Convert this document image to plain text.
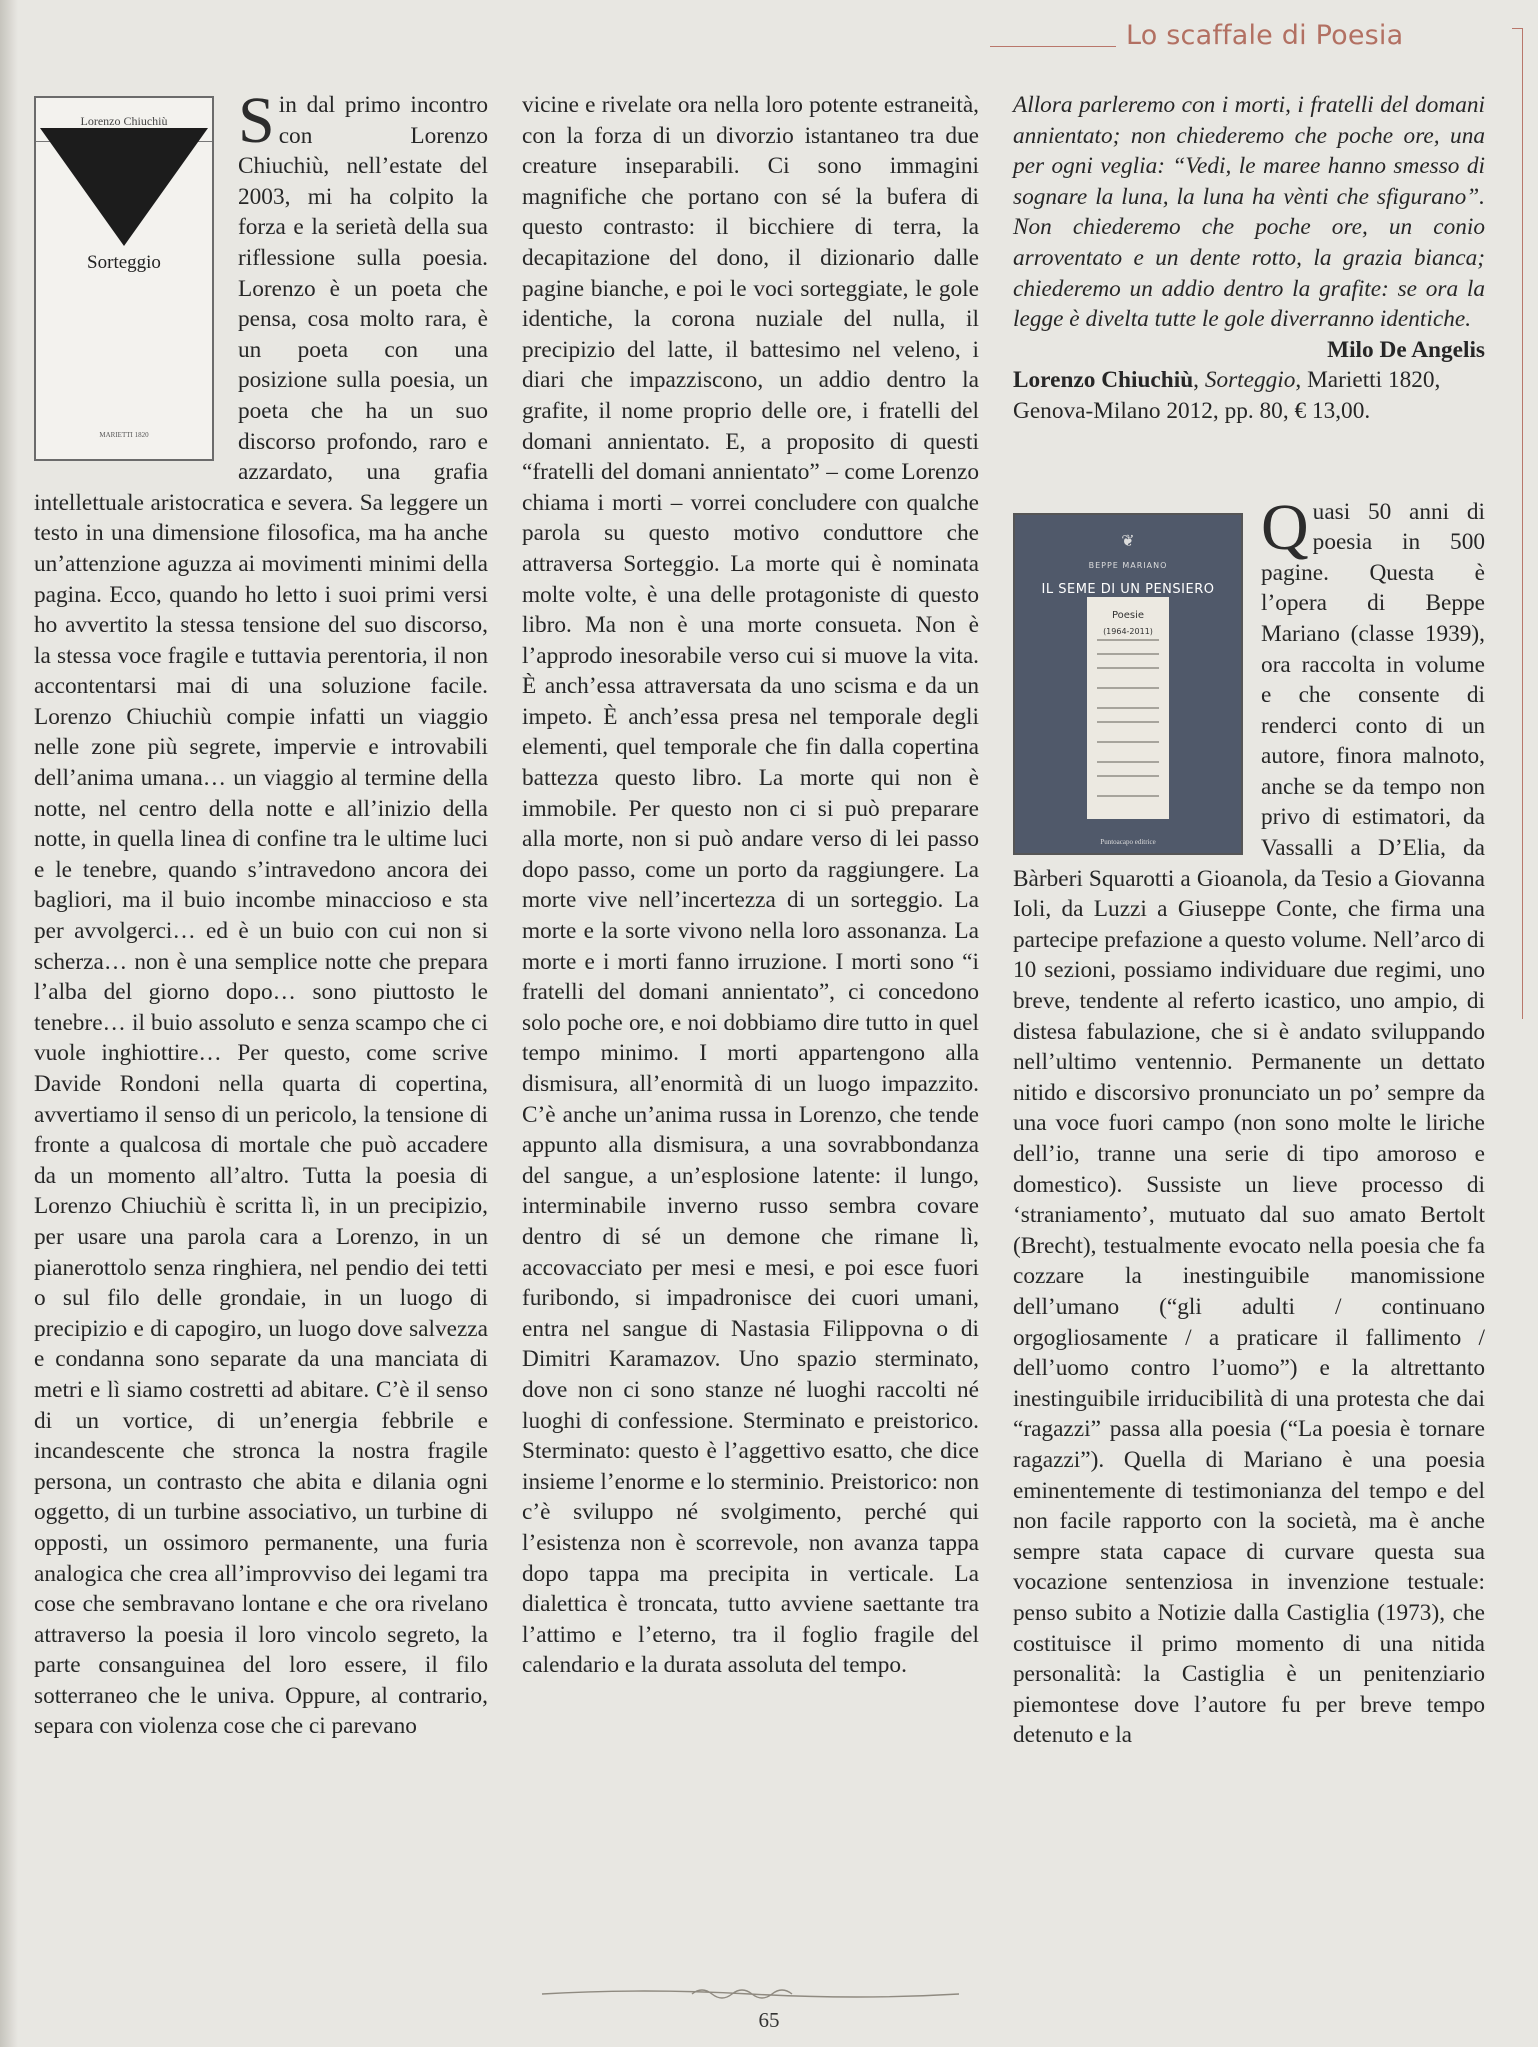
Lo scaffale di Poesia
Lorenzo Chiuchiù
Sorteggio
MARIETTI 1820

Sin dal primo incontro con Lorenzo Chiuchiù, nell’estate del 2003, mi ha colpito la forza e la serietà della sua riflessione sulla poesia. Lorenzo è un poeta che pensa, cosa molto rara, è un poeta con una posizione sulla poesia, un poeta che ha un suo discorso profondo, raro e azzardato, una grafia intellettuale aristocratica e severa. Sa leggere un testo in una dimensione filosofica, ma ha anche un’attenzione aguzza ai movimenti minimi della pagina. Ecco, quando ho letto i suoi primi versi ho avvertito la stessa tensione del suo discorso, la stessa voce fragile e tuttavia perentoria, il non accontentarsi mai di una soluzione facile. Lorenzo Chiuchiù compie infatti un viaggio nelle zone più segrete, impervie e introvabili dell’anima umana… un viaggio al termine della notte, nel centro della notte e all’inizio della notte, in quella linea di confine tra le ultime luci e le tenebre, quando s’intravedono ancora dei bagliori, ma il buio incombe minaccioso e sta per avvolgerci… ed è un buio con cui non si scherza… non è una semplice notte che prepara l’alba del giorno dopo… sono piuttosto le tenebre… il buio assoluto e senza scampo che ci vuole inghiottire… Per questo, come scrive Davide Rondoni nella quarta di copertina, avvertiamo il senso di un pericolo, la tensione di fronte a qualcosa di mortale che può accadere da un momento all’altro. Tutta la poesia di Lorenzo Chiuchiù è scritta lì, in un precipizio, per usare una parola cara a Lorenzo, in un pianerottolo senza ringhiera, nel pendio dei tetti o sul filo delle grondaie, in un luogo di precipizio e di capogiro, un luogo dove salvezza e condanna sono separate da una manciata di metri e lì siamo costretti ad abitare. C’è il senso di un vortice, di un’energia febbrile e incandescente che stronca la nostra fragile persona, un contrasto che abita e dilania ogni oggetto, di un turbine associativo, un turbine di opposti, un ossimoro permanente, una furia analogica che crea all’improvviso dei legami tra cose che sembravano lontane e che ora rivelano attraverso la poesia il loro vincolo segreto, la parte consanguinea del loro essere, il filo sotterraneo che le univa. Oppure, al contrario, separa con violenza cose che ci parevano

vicine e rivelate ora nella loro potente estraneità, con la forza di un divorzio istantaneo tra due creature inseparabili. Ci sono immagini magnifiche che portano con sé la bufera di questo contrasto: il bicchiere di terra, la decapitazione del dono, il dizionario dalle pagine bianche, e poi le voci sorteggiate, le gole identiche, la corona nuziale del nulla, il precipizio del latte, il battesimo nel veleno, i diari che impazziscono, un addio dentro la grafite, il nome proprio delle ore, i fratelli del domani annientato. E, a proposito di questi “fratelli del domani annientato” – come Lorenzo chiama i morti – vorrei concludere con qualche parola su questo motivo conduttore che attraversa Sorteggio. La morte qui è nominata molte volte, è una delle protagoniste di questo libro. Ma non è una morte consueta. Non è l’approdo inesorabile verso cui si muove la vita. È anch’essa attraversata da uno scisma e da un impeto. È anch’essa presa nel temporale degli elementi, quel temporale che fin dalla copertina battezza questo libro. La morte qui non è immobile. Per questo non ci si può preparare alla morte, non si può andare verso di lei passo dopo passo, come un porto da raggiungere. La morte vive nell’incertezza di un sorteggio. La morte e la sorte vivono nella loro assonanza. La morte e i morti fanno irruzione. I morti sono “i fratelli del domani annientato”, ci concedono solo poche ore, e noi dobbiamo dire tutto in quel tempo minimo. I morti appartengono alla dismisura, all’enormità di un luogo impazzito. C’è anche un’anima russa in Lorenzo, che tende appunto alla dismisura, a una sovrabbondanza del sangue, a un’esplosione latente: il lungo, interminabile inverno russo sembra covare dentro di sé un demone che rimane lì, accovacciato per mesi e mesi, e poi esce fuori furibondo, si impadronisce dei cuori umani, entra nel sangue di Nastasia Filippovna o di Dimitri Karamazov. Uno spazio sterminato, dove non ci sono stanze né luoghi raccolti né luoghi di confessione. Sterminato e preistorico. Sterminato: questo è l’aggettivo esatto, che dice insieme l’enorme e lo sterminio. Preistorico: non c’è sviluppo né svolgimento, perché qui l’esistenza non è scorrevole, non avanza tappa dopo tappa ma precipita in verticale. La dialettica è troncata, tutto avviene saettante tra l’attimo e l’eterno, tra il foglio fragile del calendario e la durata assoluta del tempo.

Allora parleremo con i morti, i fratelli del domani annientato; non chiederemo che poche ore, una per ogni veglia: “Vedi, le maree hanno smesso di sognare la luna, la luna ha vènti che sfigurano”. Non chiederemo che poche ore, un conio arroventato e un dente rotto, la grazia bianca; chiederemo un addio dentro la grafite: se ora la legge è divelta tutte le gole diverranno identiche.

Milo De Angelis

Lorenzo Chiuchiù, Sorteggio, Marietti 1820, Genova-Milano 2012, pp. 80, € 13,00.

❦
BEPPE MARIANO
IL SEME DI UN PENSIERO
Poesie
(1964-2011)
Puntoacapo editrice

Quasi 50 anni di poesia in 500 pagine. Questa è l’opera di Beppe Mariano (classe 1939), ora raccolta in volume e che consente di renderci conto di un autore, finora malnoto, anche se da tempo non privo di estimatori, da Vassalli a D’Elia, da Bàrberi Squarotti a Gioanola, da Tesio a Giovanna Ioli, da Luzzi a Giuseppe Conte, che firma una partecipe prefazione a questo volume. Nell’arco di 10 sezioni, possiamo individuare due regimi, uno breve, tendente al referto icastico, uno ampio, di distesa fabulazione, che si è andato sviluppando nell’ultimo ventennio. Permanente un dettato nitido e discorsivo pronunciato un po’ sempre da una voce fuori campo (non sono molte le liriche dell’io, tranne una serie di tipo amoroso e domestico). Sussiste un lieve processo di ‘straniamento’, mutuato dal suo amato Bertolt (Brecht), testualmente evocato nella poesia che fa cozzare la inestinguibile manomissione dell’umano (“gli adulti / continuano orgogliosamente / a praticare il fallimento / dell’uomo contro l’uomo”) e la altrettanto inestinguibile irriducibilità di una protesta che dai “ragazzi” passa alla poesia (“La poesia è tornare ragazzi”). Quella di Mariano è una poesia eminentemente di testimonianza del tempo e del non facile rapporto con la società, ma è anche sempre stata capace di curvare questa sua vocazione sentenziosa in invenzione testuale: penso subito a Notizie dalla Castiglia (1973), che costituisce il primo momento di una nitida personalità: la Castiglia è un penitenziario piemontese dove l’autore fu per breve tempo detenuto e la

65
